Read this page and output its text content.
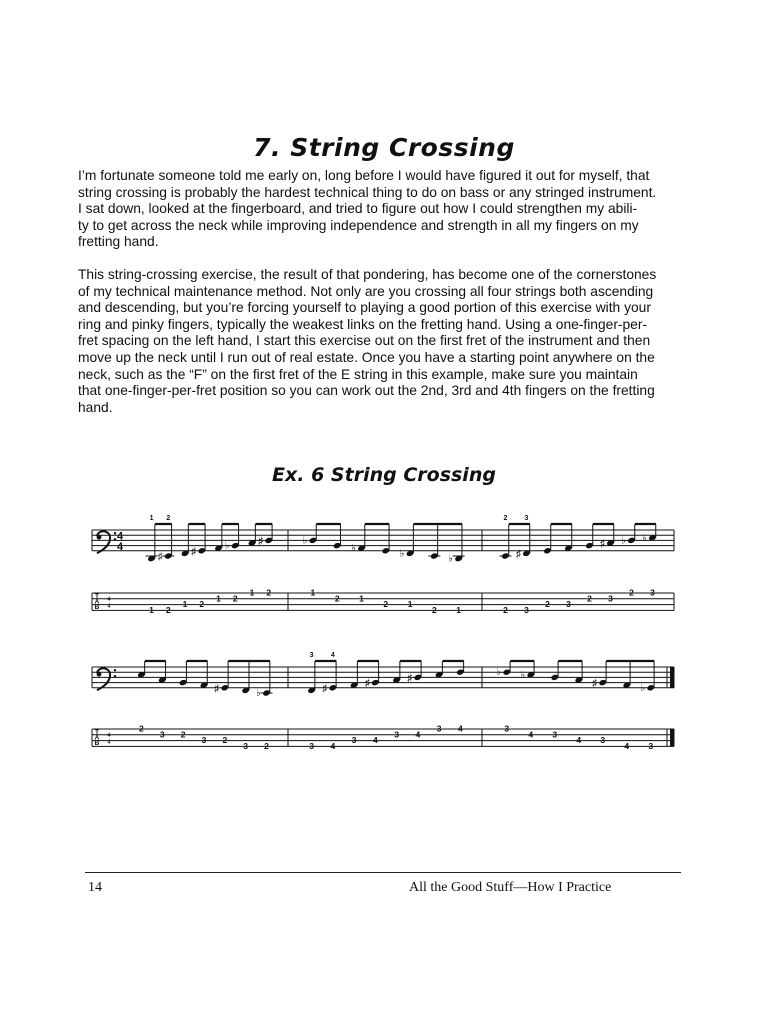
7. String Crossing

I’m fortunate someone told me early on, long before I would have figured it out for myself, that
string crossing is probably the hardest technical thing to do on bass or any stringed instrument.
I sat down, looked at the fingerboard, and tried to figure out how I could strengthen my abili-
ty to get across the neck while improving independence and strength in all my fingers on my
fretting hand.

This string-crossing exercise, the result of that pondering, has become one of the cornerstones
of my technical maintenance method. Not only are you crossing all four strings both ascending
and descending, but you’re forcing yourself to playing a good portion of this exercise with your
ring and pinky fingers, typically the weakest links on the fretting hand. Using a one-finger-per-
fret spacing on the left hand, I start this exercise out on the first fret of the instrument and then
move up the neck until I run out of real estate. Once you have a starting point anywhere on the
neck, such as the “F” on the first fret of the E string in this example, make sure you maintain
that one-finger-per-fret position so you can work out the 2nd, 3rd and 4th fingers on the fretting
hand.

Ex. 6 String Crossing
4
4
T
A
B
4
4	1
♯
2
1
♯
2
1
♭
2
1
♯
2
1 2
♭
1
2
♭
1
2
♭
1
2
♭
1	2
♯
3
2 3
2
♯
3
♭
2
♭
3
2 3
T
A
B
4
4
2
3 2
3
♯
2
3
♭
2	3
♯
4
3
♯
4
3
♯
4
3 4
3 4
♭
3
♭
4 3
4
♯
3
4
♭
3
14	All the Good Stuff—How I Practice
